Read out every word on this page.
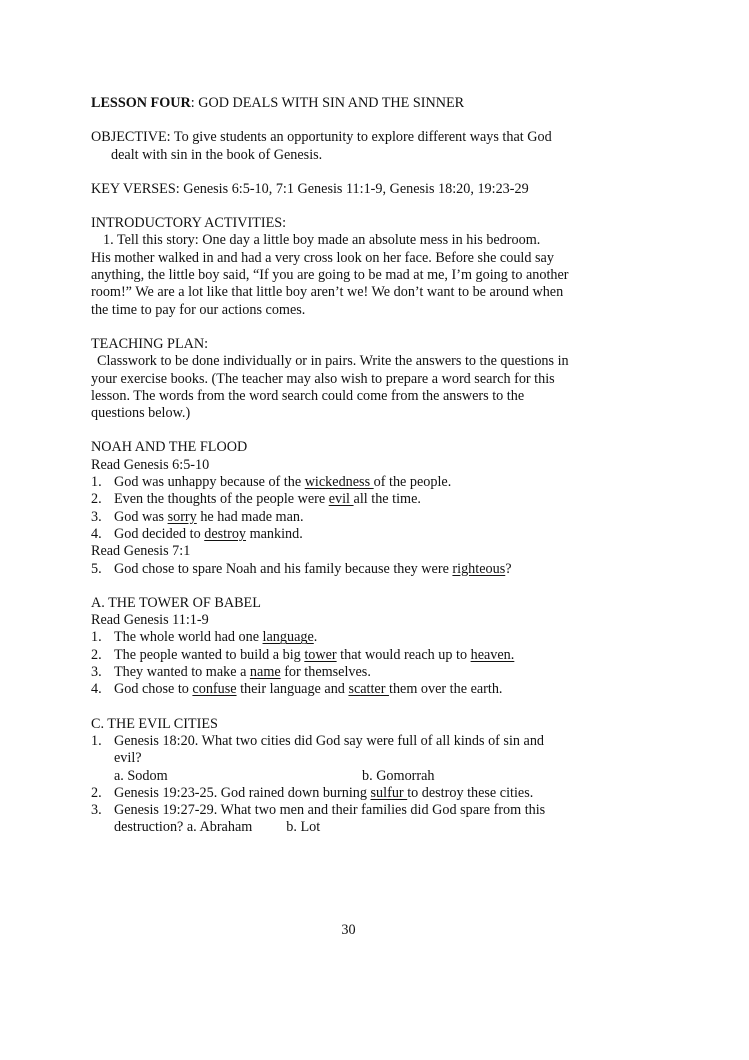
LESSON FOUR: GOD DEALS WITH SIN AND THE SINNER
OBJECTIVE: To give students an opportunity to explore different ways that God
dealt with sin in the book of Genesis.
KEY VERSES: Genesis 6:5-10, 7:1 Genesis 11:1-9, Genesis 18:20, 19:23-29
INTRODUCTORY ACTIVITIES:
1. Tell this story: One day a little boy made an absolute mess in his bedroom.
His mother walked in and had a very cross look on her face. Before she could say
anything, the little boy said, “If you are going to be mad at me, I’m going to another
room!” We are a lot like that little boy aren’t we! We don’t want to be around when
the time to pay for our actions comes.
TEACHING PLAN:
Classwork to be done individually or in pairs. Write the answers to the questions in
your exercise books. (The teacher may also wish to prepare a word search for this
lesson. The words from the word search could come from the answers to the
questions below.)
NOAH AND THE FLOOD
Read Genesis 6:5-10
1. God was unhappy because of the wickedness of the people.
2. Even the thoughts of the people were evil all the time.
3. God was sorry he had made man.
4. God decided to destroy mankind.
Read Genesis 7:1
5. God chose to spare Noah and his family because they were righteous?
A. THE TOWER OF BABEL
Read Genesis 11:1-9
1. The whole world had one language.
2. The people wanted to build a big tower that would reach up to heaven.
3. They wanted to make a name for themselves.
4. God chose to confuse their language and scatter them over the earth.
C. THE EVIL CITIES
1. Genesis 18:20. What two cities did God say were full of all kinds of sin and
evil?
a. Sodom	b. Gomorrah
2. Genesis 19:23-25. God rained down burning sulfur to destroy these cities.
3. Genesis 19:27-29. What two men and their families did God spare from this
destruction? a. Abraham b. Lot
30
